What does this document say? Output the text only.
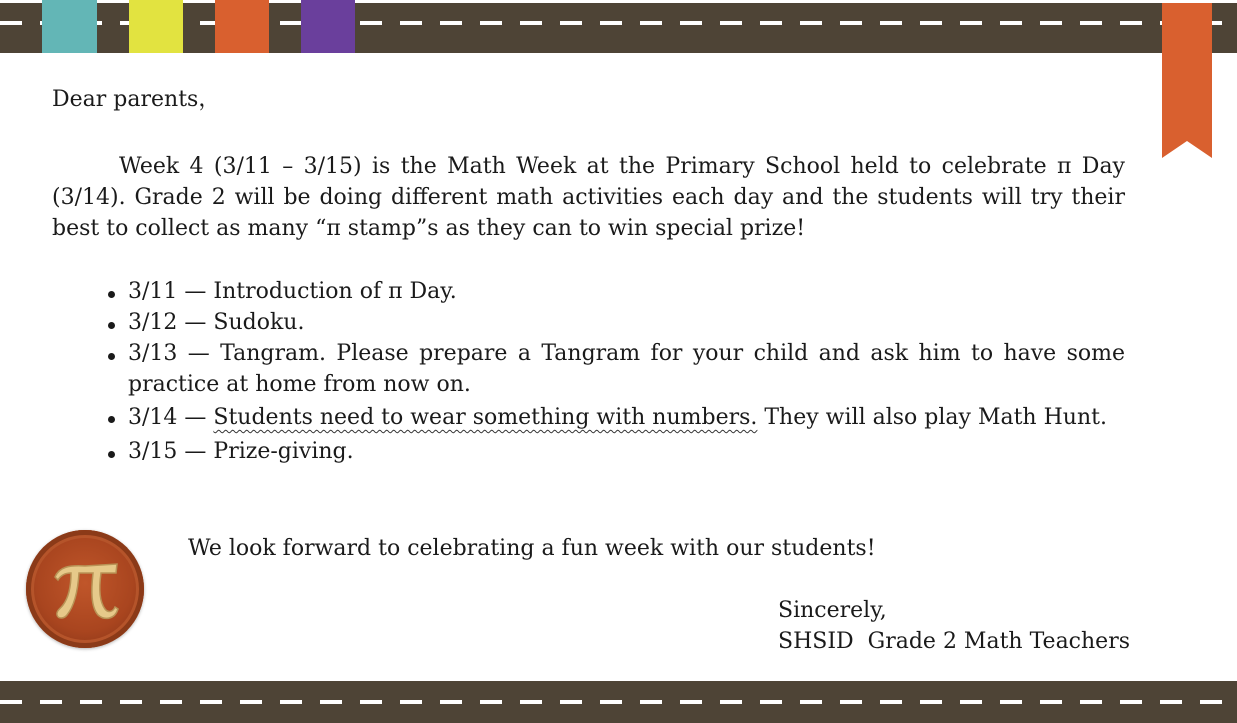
Dear parents，

Week 4 (3/11 – 3/15) is the Math Week at the Primary School held to celebrate π Day (3/14). Grade 2 will be doing different math activities each day and the students will try their best to collect as many “π stamp”s as they can to win special prize!

3/11 — Introduction of π Day.
3/12 — Sudoku.
3/13 — Tangram. Please prepare a Tangram for your child and ask him to have some practice at home from now on.
3/14 — Students need to wear something with numbers. They will also play Math Hunt.
3/15 — Prize-giving.
We look forward to celebrating a fun week with our students!
Sincerely,
SHSID  Grade 2 Math Teachers
